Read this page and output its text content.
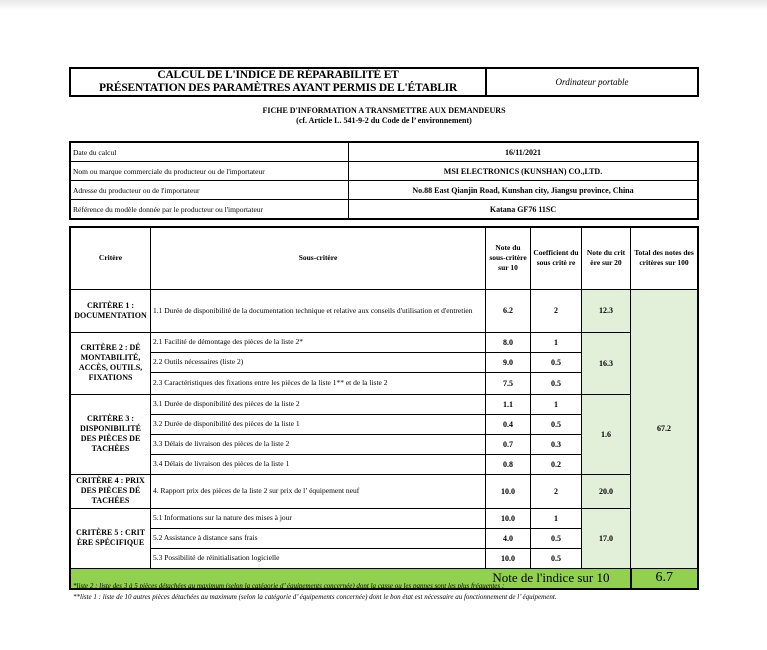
CALCUL DE L'INDICE DE RÉPARABILITÉ ET
PRÉSENTATION DES PARAMÈTRES AYANT PERMIS DE L'ÉTABLIR	Ordinateur portable
FICHE D'INFORMATION A TRANSMETTRE AUX DEMANDEURS
(cf. Article L. 541-9-2 du Code de l’ environnement)
Date du calcul	16/11/2021
Nom ou marque commerciale du producteur ou de l'importateur	MSI ELECTRONICS (KUNSHAN) CO.,LTD.
Adresse du producteur ou de l'importateur	No.88 East Qianjin Road, Kunshan city, Jiangsu province, China
Référence du modèle donnée par le producteur ou l'importateur	Katana GF76 11SC
Critère	Sous-critère	Note du sous-critère sur 10	Coefficient du sous critè re	Note du crit ère sur 20	Total des notes des critères sur 100
CRITÈRE 1 : DOCUMENTATION	1.1 Durée de disponibilité de la documentation technique et relative aux conseils d'utilisation et d'entretien	6.2	2	12.3	67.2
CRITÈRE 2 : DÉ MONTABILITÉ, ACCÈS, OUTILS, FIXATIONS	2.1 Facilité de démontage des pièces de la liste 2*	8.0	1	16.3	
	2.2 Outils nécessaires (liste 2)	9.0	0.5		
	2.3 Caractéristiques des fixations entre les pièces de la liste 1** et de la liste 2	7.5	0.5		
CRITÈRE 3 : DISPONIBILITÉ DES PIÈCES DE TACHÈES	3.1 Durée de disponibilité des pièces de la liste 2	1.1	1	1.6	
	3.2 Durée de disponibilité des pièces de la liste 1	0.4	0.5		
	3.3 Délais de livraison des pièces de la liste 2	0.7	0.3		
	3.4 Délais de livraison des pièces de la liste 1	0.8	0.2		
CRITÈRE 4 : PRIX DES PIÈCES DÉ TACHÉES	4. Rapport prix des pièces de la liste 2 sur prix de l’ équipement neuf	10.0	2	20.0	
CRITÈRE 5 : CRIT ÈRE SPÉCIFIQUE	5.1 Informations sur la nature des mises à jour	10.0	1	17.0	
	5.2 Assistance à distance sans frais	4.0	0.5		
	5.3 Possibilité de réinitialisation logicielle	10.0	0.5		
Note de l'indice sur 10					6.7
*liste 2 : liste des 3 à 5 pièces détachées au maximum (selon la catégorie d’ équipements concernée) dont la casse ou les pannes sont les plus fréquentes ;
**liste 1 : liste de 10 autres pièces détachées au maximum (selon la catégorie d’ équipements concernée) dont le bon état est nécessaire au fonctionnement de l’ équipement.
